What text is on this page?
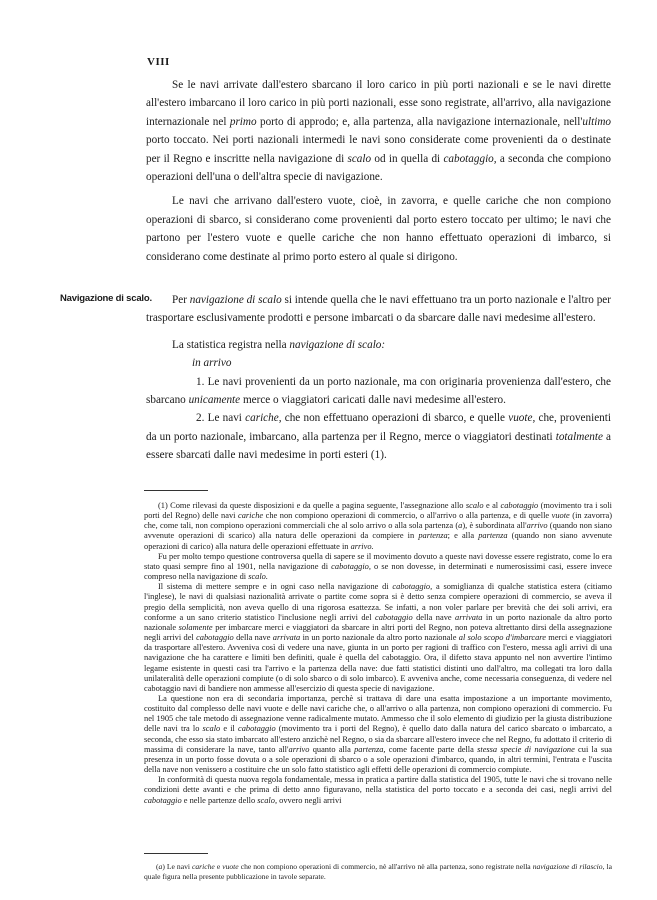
VIII

Se le navi arrivate dall'estero sbarcano il loro carico in più porti nazionali e se le navi dirette all'estero imbarcano il loro carico in più porti nazionali, esse sono registrate, all'arrivo, alla navigazione internazionale nel primo porto di approdo; e, alla partenza, alla navigazione internazionale, nell'ultimo porto toccato. Nei porti nazionali intermedi le navi sono considerate come provenienti da o destinate per il Regno e inscritte nella navigazione di scalo od in quella di cabotaggio, a seconda che compiono operazioni dell'una o dell'altra specie di navigazione.

Le navi che arrivano dall'estero vuote, cioè, in zavorra, e quelle cariche che non compiono operazioni di sbarco, si considerano come provenienti dal porto estero toccato per ultimo; le navi che partono per l'estero vuote e quelle cariche che non hanno effettuato operazioni di imbarco, si considerano come destinate al primo porto estero al quale si dirigono.

Navigazione di scalo.	Per navigazione di scalo si intende quella che le navi effettuano tra un porto nazionale e l'altro per trasportare esclusivamente prodotti e persone imbarcati o da sbarcare dalle navi medesime all'estero.

La statistica registra nella navigazione di scalo:

in arrivo

1. Le navi provenienti da un porto nazionale, ma con originaria provenienza dall'estero, che sbarcano unicamente merce o viaggiatori caricati dalle navi medesime all'estero.

2. Le navi cariche, che non effettuano operazioni di sbarco, e quelle vuote, che, provenienti da un porto nazionale, imbarcano, alla partenza per il Regno, merce o viaggiatori destinati totalmente a essere sbarcati dalle navi medesime in porti esteri (1).

(1) Come rilevasi da queste disposizioni e da quelle a pagina seguente, l'assegnazione allo scalo e al cabotaggio (movimento tra i soli porti del Regno) delle navi cariche che non compiono operazioni di commercio, o all'arrivo o alla partenza, e di quelle vuote (in zavorra) che, come tali, non compiono operazioni commerciali che al solo arrivo o alla sola partenza (a), è subordinata all'arrivo (quando non siano avvenute operazioni di scarico) alla natura delle operazioni da compiere in partenza; e alla partenza (quando non siano avvenute operazioni di carico) alla natura delle operazioni effettuate in arrivo.

Fu per molto tempo questione controversa quella di sapere se il movimento dovuto a queste navi dovesse essere registrato, come lo era stato quasi sempre fino al 1901, nella navigazione di cabotaggio, o se non dovesse, in determinati e numerosissimi casi, essere invece compreso nella navigazione di scalo.

Il sistema di mettere sempre e in ogni caso nella navigazione di cabotaggio, a somiglianza di qualche statistica estera (citiamo l'inglese), le navi di qualsiasi nazionalità arrivate o partite come sopra si è detto senza compiere operazioni di commercio, se aveva il pregio della semplicità, non aveva quello di una rigorosa esattezza. Se infatti, a non voler parlare per brevità che dei soli arrivi, era conforme a un sano criterio statistico l'inclusione negli arrivi del cabotaggio della nave arrivata in un porto nazionale da altro porto nazionale solamente per imbarcare merci e viaggiatori da sbarcare in altri porti del Regno, non poteva altrettanto dirsi della assegnazione negli arrivi del cabotaggio della nave arrivata in un porto nazionale da altro porto nazionale al solo scopo d'imbarcare merci e viaggiatori da trasportare all'estero. Avveniva così di vedere una nave, giunta in un porto per ragioni di traffico con l'estero, messa agli arrivi di una navigazione che ha carattere e limiti ben definiti, quale è quella del cabotaggio. Ora, il difetto stava appunto nel non avvertire l'intimo legame esistente in questi casi tra l'arrivo e la partenza della nave: due fatti statistici distinti uno dall'altro, ma collegati tra loro dalla unilateralità delle operazioni compiute (o di solo sbarco o di solo imbarco). E avveniva anche, come necessaria conseguenza, di vedere nel cabotaggio navi di bandiere non ammesse all'esercizio di questa specie di navigazione.

La questione non era di secondaria importanza, perchè si trattava di dare una esatta impostazione a un importante movimento, costituito dal complesso delle navi vuote e delle navi cariche che, o all'arrivo o alla partenza, non compiono operazioni di commercio. Fu nel 1905 che tale metodo di assegnazione venne radicalmente mutato. Ammesso che il solo elemento di giudizio per la giusta distribuzione delle navi tra lo scalo e il cabotaggio (movimento tra i porti del Regno), è quello dato dalla natura del carico sbarcato o imbarcato, a seconda, che esso sia stato imbarcato all'estero anzichè nel Regno, o sia da sbarcare all'estero invece che nel Regno, fu adottato il criterio di massima di considerare la nave, tanto all'arrivo quanto alla partenza, come facente parte della stessa specie di navigazione cui la sua presenza in un porto fosse dovuta o a sole operazioni di sbarco o a sole operazioni d'imbarco, quando, in altri termini, l'entrata e l'uscita della nave non venissero a costituire che un solo fatto statistico agli effetti delle operazioni di commercio compiute.

In conformità di questa nuova regola fondamentale, messa in pratica a partire dalla statistica del 1905, tutte le navi che si trovano nelle condizioni dette avanti e che prima di detto anno figuravano, nella statistica del porto toccato e a seconda dei casi, negli arrivi del cabotaggio e nelle partenze dello scalo, ovvero negli arrivi

(a) Le navi cariche e vuote che non compiono operazioni di commercio, nè all'arrivo nè alla partenza, sono registrate nella navigazione di rilascio, la quale figura nella presente pubblicazione in tavole separate.
